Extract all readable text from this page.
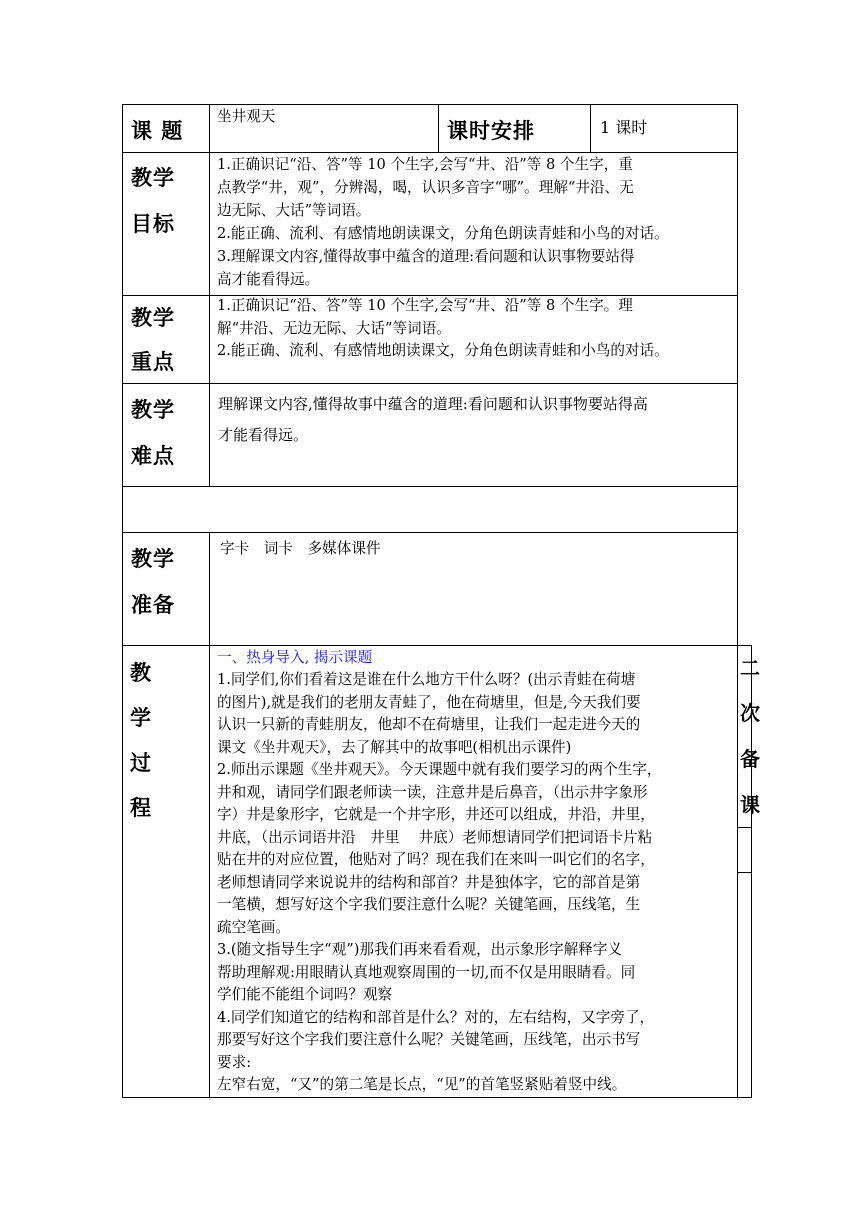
课 题
坐井观天
课时安排	1 课时
教学
目标
1.正确识记“沿、答”等 10 个生字,会写“井、沿”等 8 个生字，重
点教学“井，观”，分辨渴，喝，认识多音字“哪”。理解“井沿、无
边无际、大话”等词语。
2.能正确、流利、有感情地朗读课文，分角色朗读青蛙和小鸟的对话。
3.理解课文内容,懂得故事中蕴含的道理:看问题和认识事物要站得
高才能看得远。
教学
重点
1.正确识记“沿、答”等 10 个生字,会写“井、沿”等 8 个生字。理
解“井沿、无边无际、大话”等词语。
2.能正确、流利、有感情地朗读课文，分角色朗读青蛙和小鸟的对话。
教学
难点
理解课文内容,懂得故事中蕴含的道理:看问题和认识事物要站得高
才能看得远。
教学
准备
字卡　词卡　多媒体课件
教
学
过
程
一、热身导入, 揭示课题
1.同学们,你们看着这是谁在什么地方干什么呀？(出示青蛙在荷塘
的图片),就是我们的老朋友青蛙了，他在荷塘里，但是,今天我们要
认识一只新的青蛙朋友，他却不在荷塘里，让我们一起走进今天的
课文《坐井观天》，去了解其中的故事吧(相机出示课件)
2.师出示课题《坐井观天》。今天课题中就有我们要学习的两个生字，
井和观，请同学们跟老师读一读，注意井是后鼻音，（出示井字象形
字）井是象形字，它就是一个井字形，井还可以组成，井沿，井里，
井底，（出示词语井沿　井里　 井底）老师想请同学们把词语卡片粘
贴在井的对应位置，他贴对了吗？现在我们在来叫一叫它们的名字，
老师想请同学来说说井的结构和部首？井是独体字，它的部首是第
一笔横，想写好这个字我们要注意什么呢？关键笔画，压线笔，生
疏空笔画。
3.(随文指导生字“观”)那我们再来看看观，出示象形字解释字义
帮助理解观:用眼睛认真地观察周围的一切,而不仅是用眼睛看。同
学们能不能组个词吗？观察
4.同学们知道它的结构和部首是什么？对的，左右结构，又字旁了，
那要写好这个字我们要注意什么呢？关键笔画，压线笔，出示书写
要求:
左窄右宽，“又”的第二笔是长点，“见”的首笔竖紧贴着竖中线。
二
次
备
课
